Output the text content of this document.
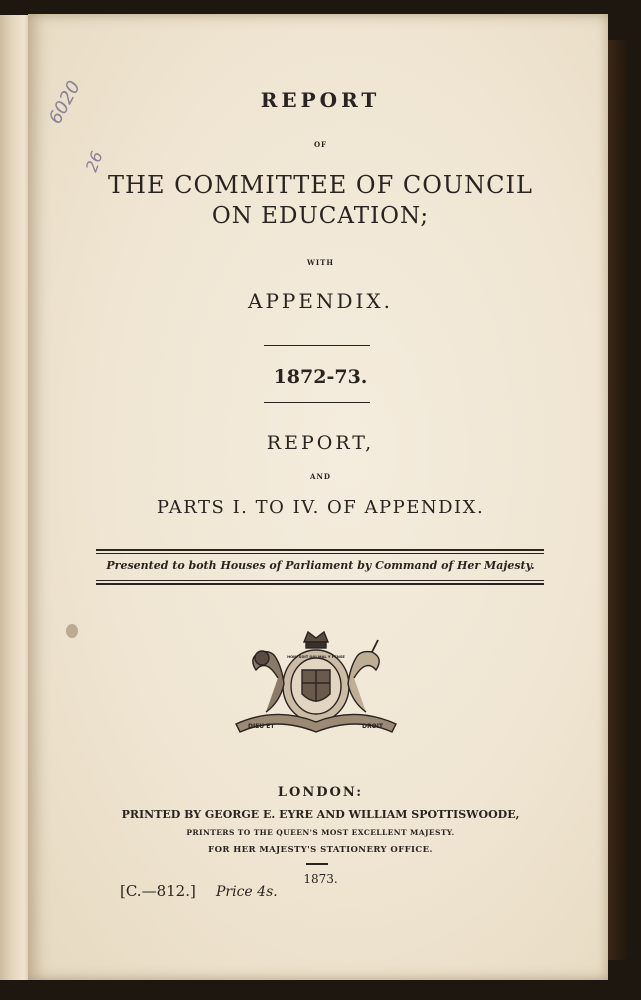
6020
26
REPORT
OF
THE COMMITTEE OF COUNCIL
ON EDUCATION;
WITH
APPENDIX.
1872-73.
REPORT,
AND
PARTS I. TO IV. OF APPENDIX.
Presented to both Houses of Parliament by Command of Her Majesty.
DIEU ET	DROIT
HONI SOIT QUI MAL Y PENSE
LONDON:
PRINTED BY GEORGE E. EYRE AND WILLIAM SPOTTISWOODE,
PRINTERS TO THE QUEEN'S MOST EXCELLENT MAJESTY.
FOR HER MAJESTY'S STATIONERY OFFICE.
1873.
[C.—812.] Price 4s.
